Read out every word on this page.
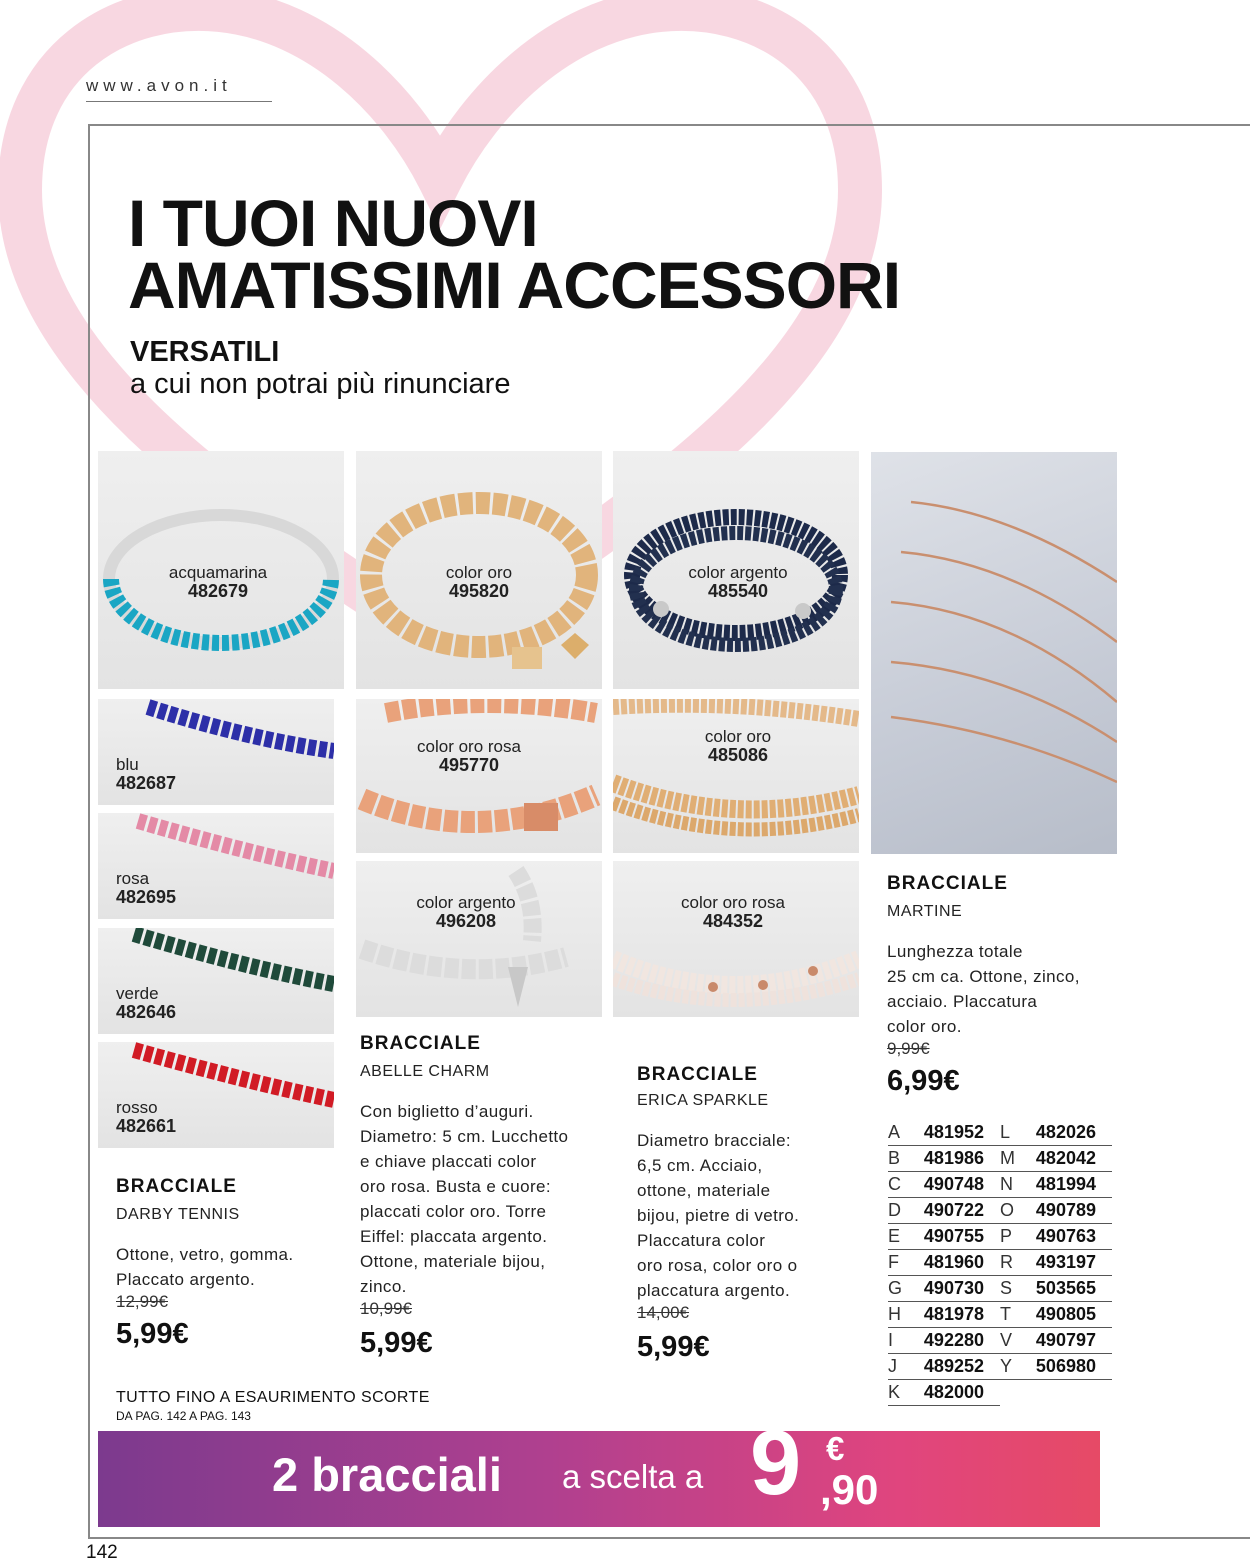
www.avon.it
I TUOI NUOVI
AMATISSIMI ACCESSORI
VERSATILI
a cui non potrai più rinunciare
acquamarina
482679
blu
482687
rosa
482695
verde
482646
rosso
482661
BRACCIALE
DARBY TENNIS
Ottone, vetro, gomma.
Placcato argento.
12,99€
5,99€
color oro
495820
color oro rosa
495770
color argento
496208
BRACCIALE
ABELLE CHARM
Con biglietto d’auguri.
Diametro: 5 cm. Lucchetto
e chiave placcati color
oro rosa. Busta e cuore:
placcati color oro. Torre
Eiffel: placcata argento.
Ottone, materiale bijou,
zinco.
10,99€
5,99€
color argento
485540
color oro
485086
color oro rosa
484352
BRACCIALE
ERICA SPARKLE
Diametro bracciale:
6,5 cm. Acciaio,
ottone, materiale
bijou, pietre di vetro.
Placcatura color
oro rosa, color oro o
placcatura argento.
14,00€
5,99€
BRACCIALE
MARTINE
Lunghezza totale
25 cm ca. Ottone, zinco,
acciaio. Placcatura
color oro.
9,99€
6,99€
A	481952	L	482026
B	481986	M	482042
C	490748	N	481994
D	490722	O	490789
E	490755	P	490763
F	481960	R	493197
G	490730	S	503565
H	481978	T	490805
I	492280	V	490797
J	489252	Y	506980
K	482000		
TUTTO FINO A ESAURIMENTO SCORTE
DA PAG. 142 A PAG. 143
2 bracciali a scelta a 9 €
,90
142
